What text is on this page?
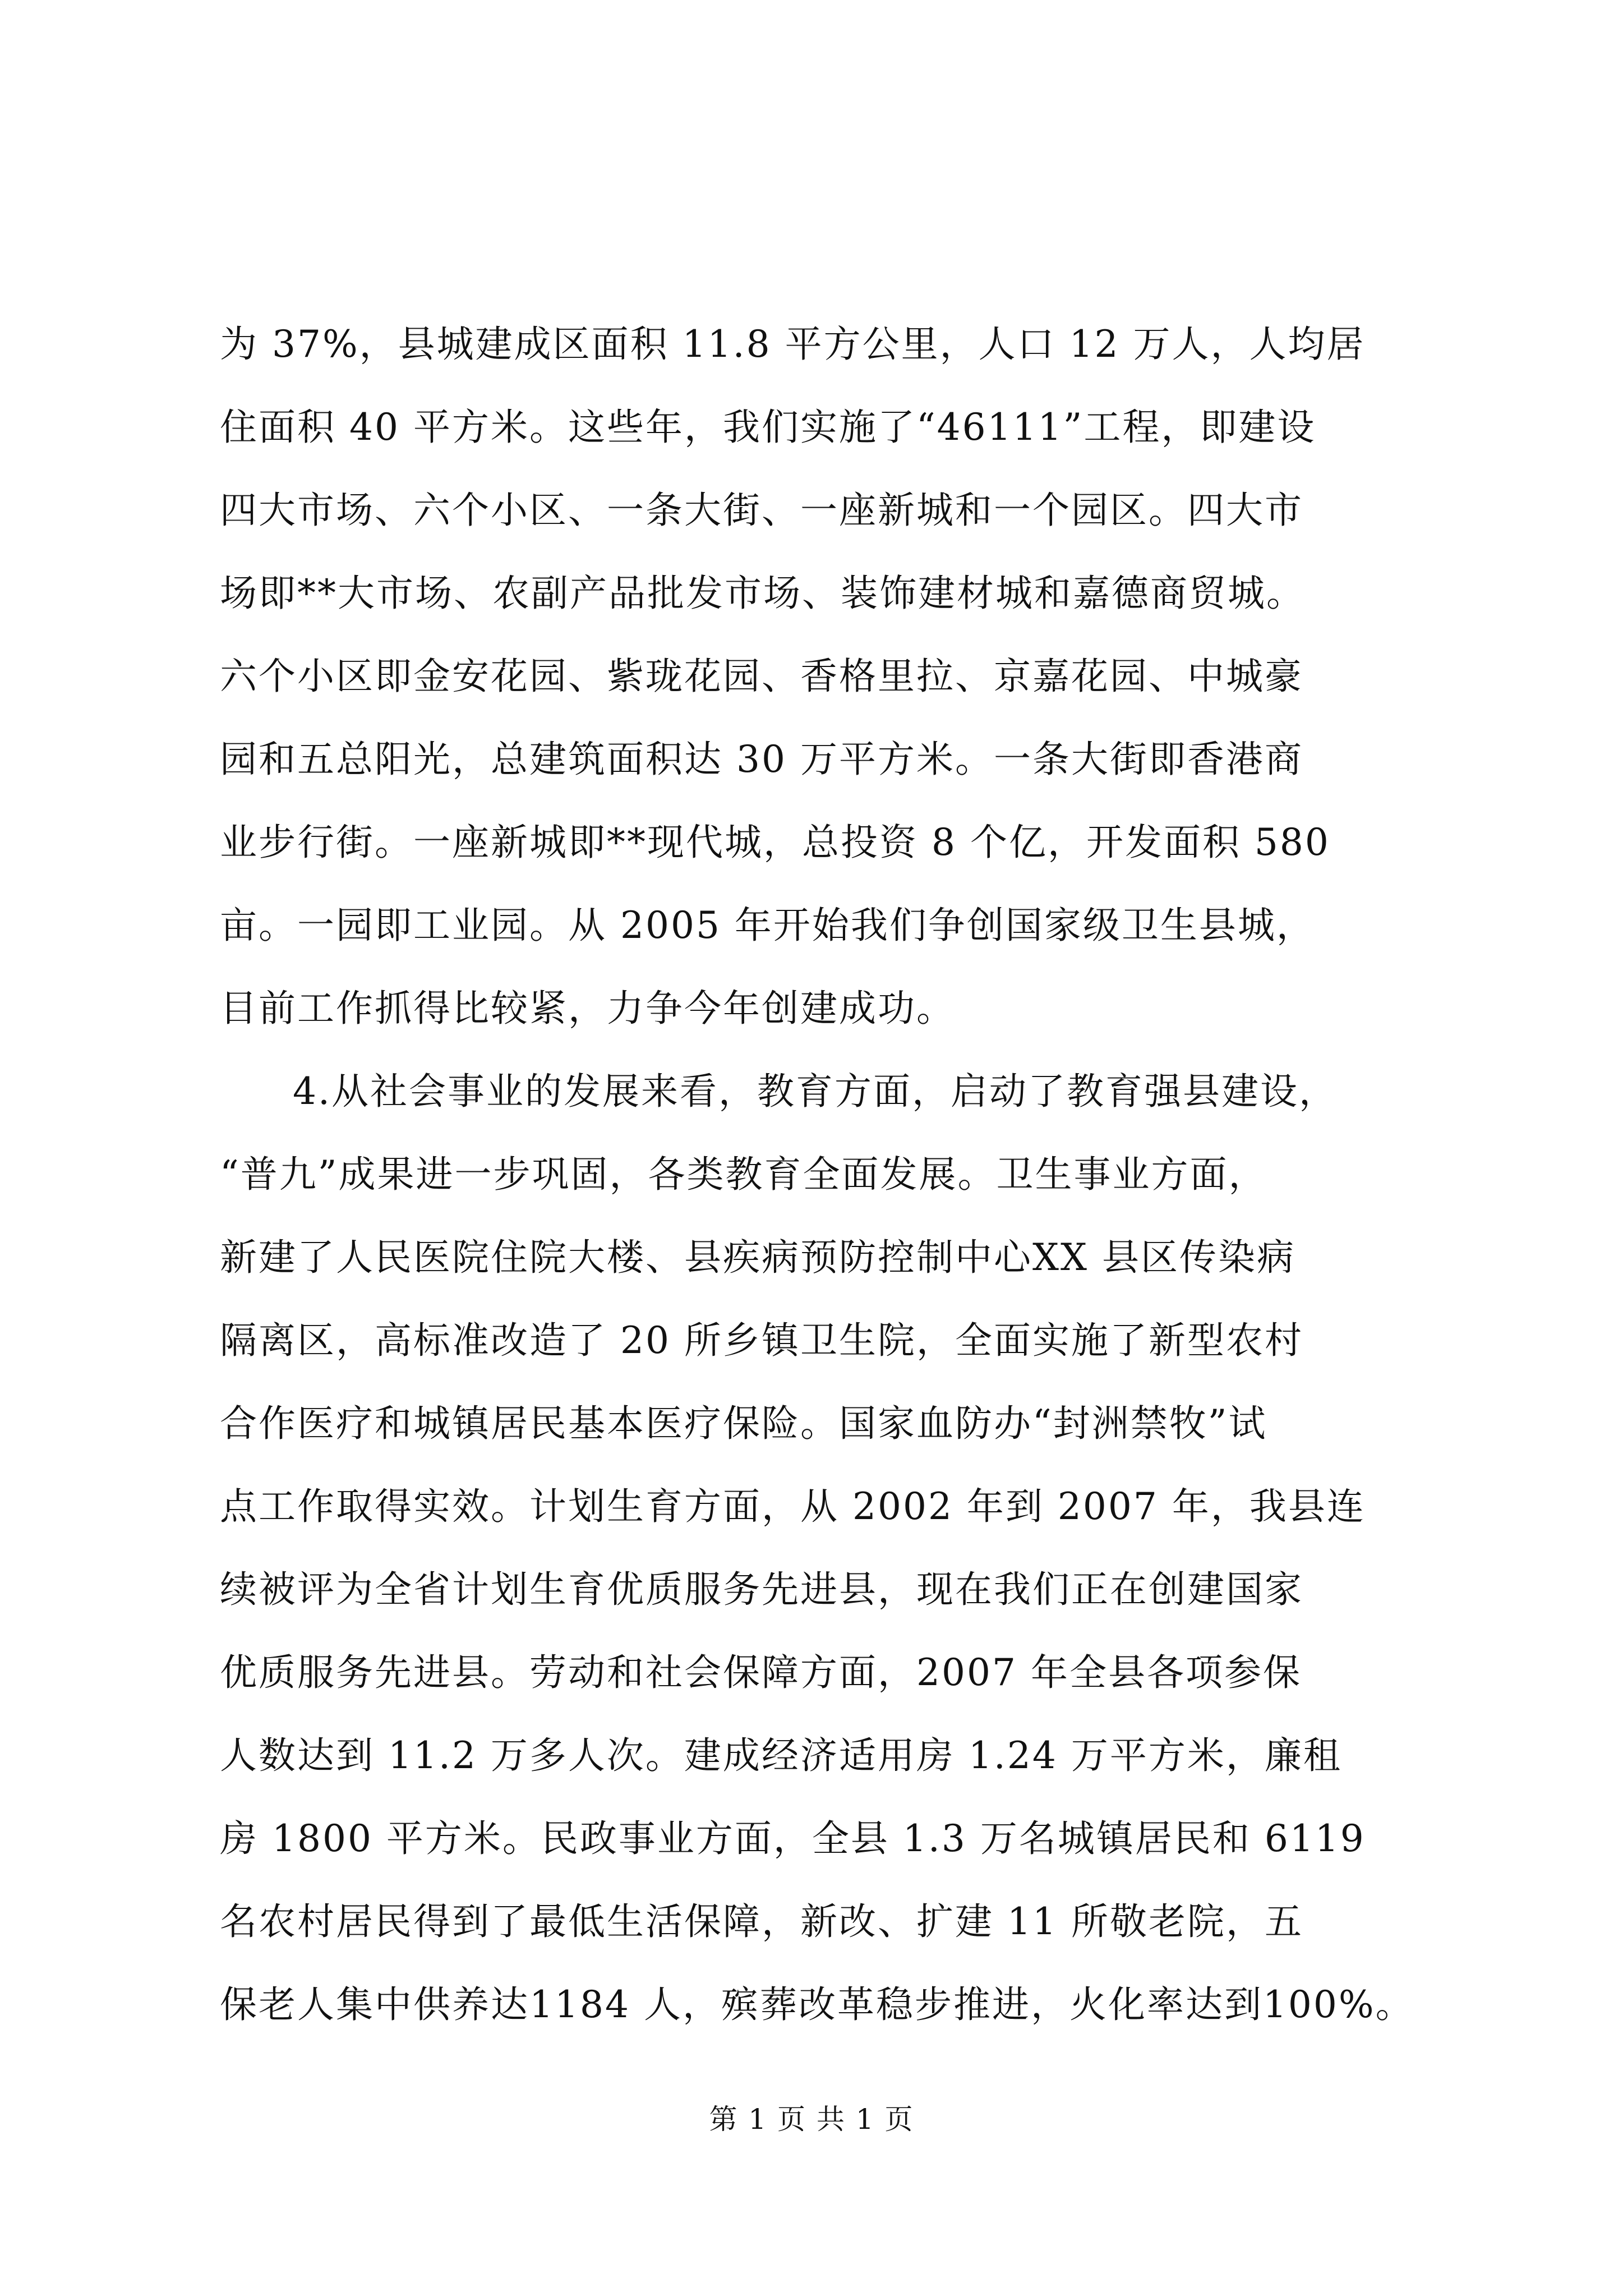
为 37%，县城建成区面积 11.8 平方公里，人口 12 万人，人均居
住面积 40 平方米。这些年，我们实施了“46111”工程，即建设
四大市场、六个小区、一条大街、一座新城和一个园区。四大市
场即**大市场、农副产品批发市场、装饰建材城和嘉德商贸城。
六个小区即金安花园、紫珑花园、香格里拉、京嘉花园、中城豪
园和五总阳光，总建筑面积达 30 万平方米。一条大街即香港商
业步行街。一座新城即**现代城，总投资 8 个亿，开发面积 580
亩。一园即工业园。从 2005 年开始我们争创国家级卫生县城，
目前工作抓得比较紧，力争今年创建成功。
4.从社会事业的发展来看，教育方面，启动了教育强县建设，
“普九”成果进一步巩固，各类教育全面发展。卫生事业方面，
新建了人民医院住院大楼、县疾病预防控制中心XX 县区传染病
隔离区，高标准改造了 20 所乡镇卫生院，全面实施了新型农村
合作医疗和城镇居民基本医疗保险。国家血防办“封洲禁牧”试
点工作取得实效。计划生育方面，从 2002 年到 2007 年，我县连
续被评为全省计划生育优质服务先进县，现在我们正在创建国家
优质服务先进县。劳动和社会保障方面，2007 年全县各项参保
人数达到 11.2 万多人次。建成经济适用房 1.24 万平方米，廉租
房 1800 平方米。民政事业方面，全县 1.3 万名城镇居民和 6119
名农村居民得到了最低生活保障，新改、扩建 11 所敬老院，五
保老人集中供养达1184 人，殡葬改革稳步推进，火化率达到100%。
第 1 页 共 1 页
